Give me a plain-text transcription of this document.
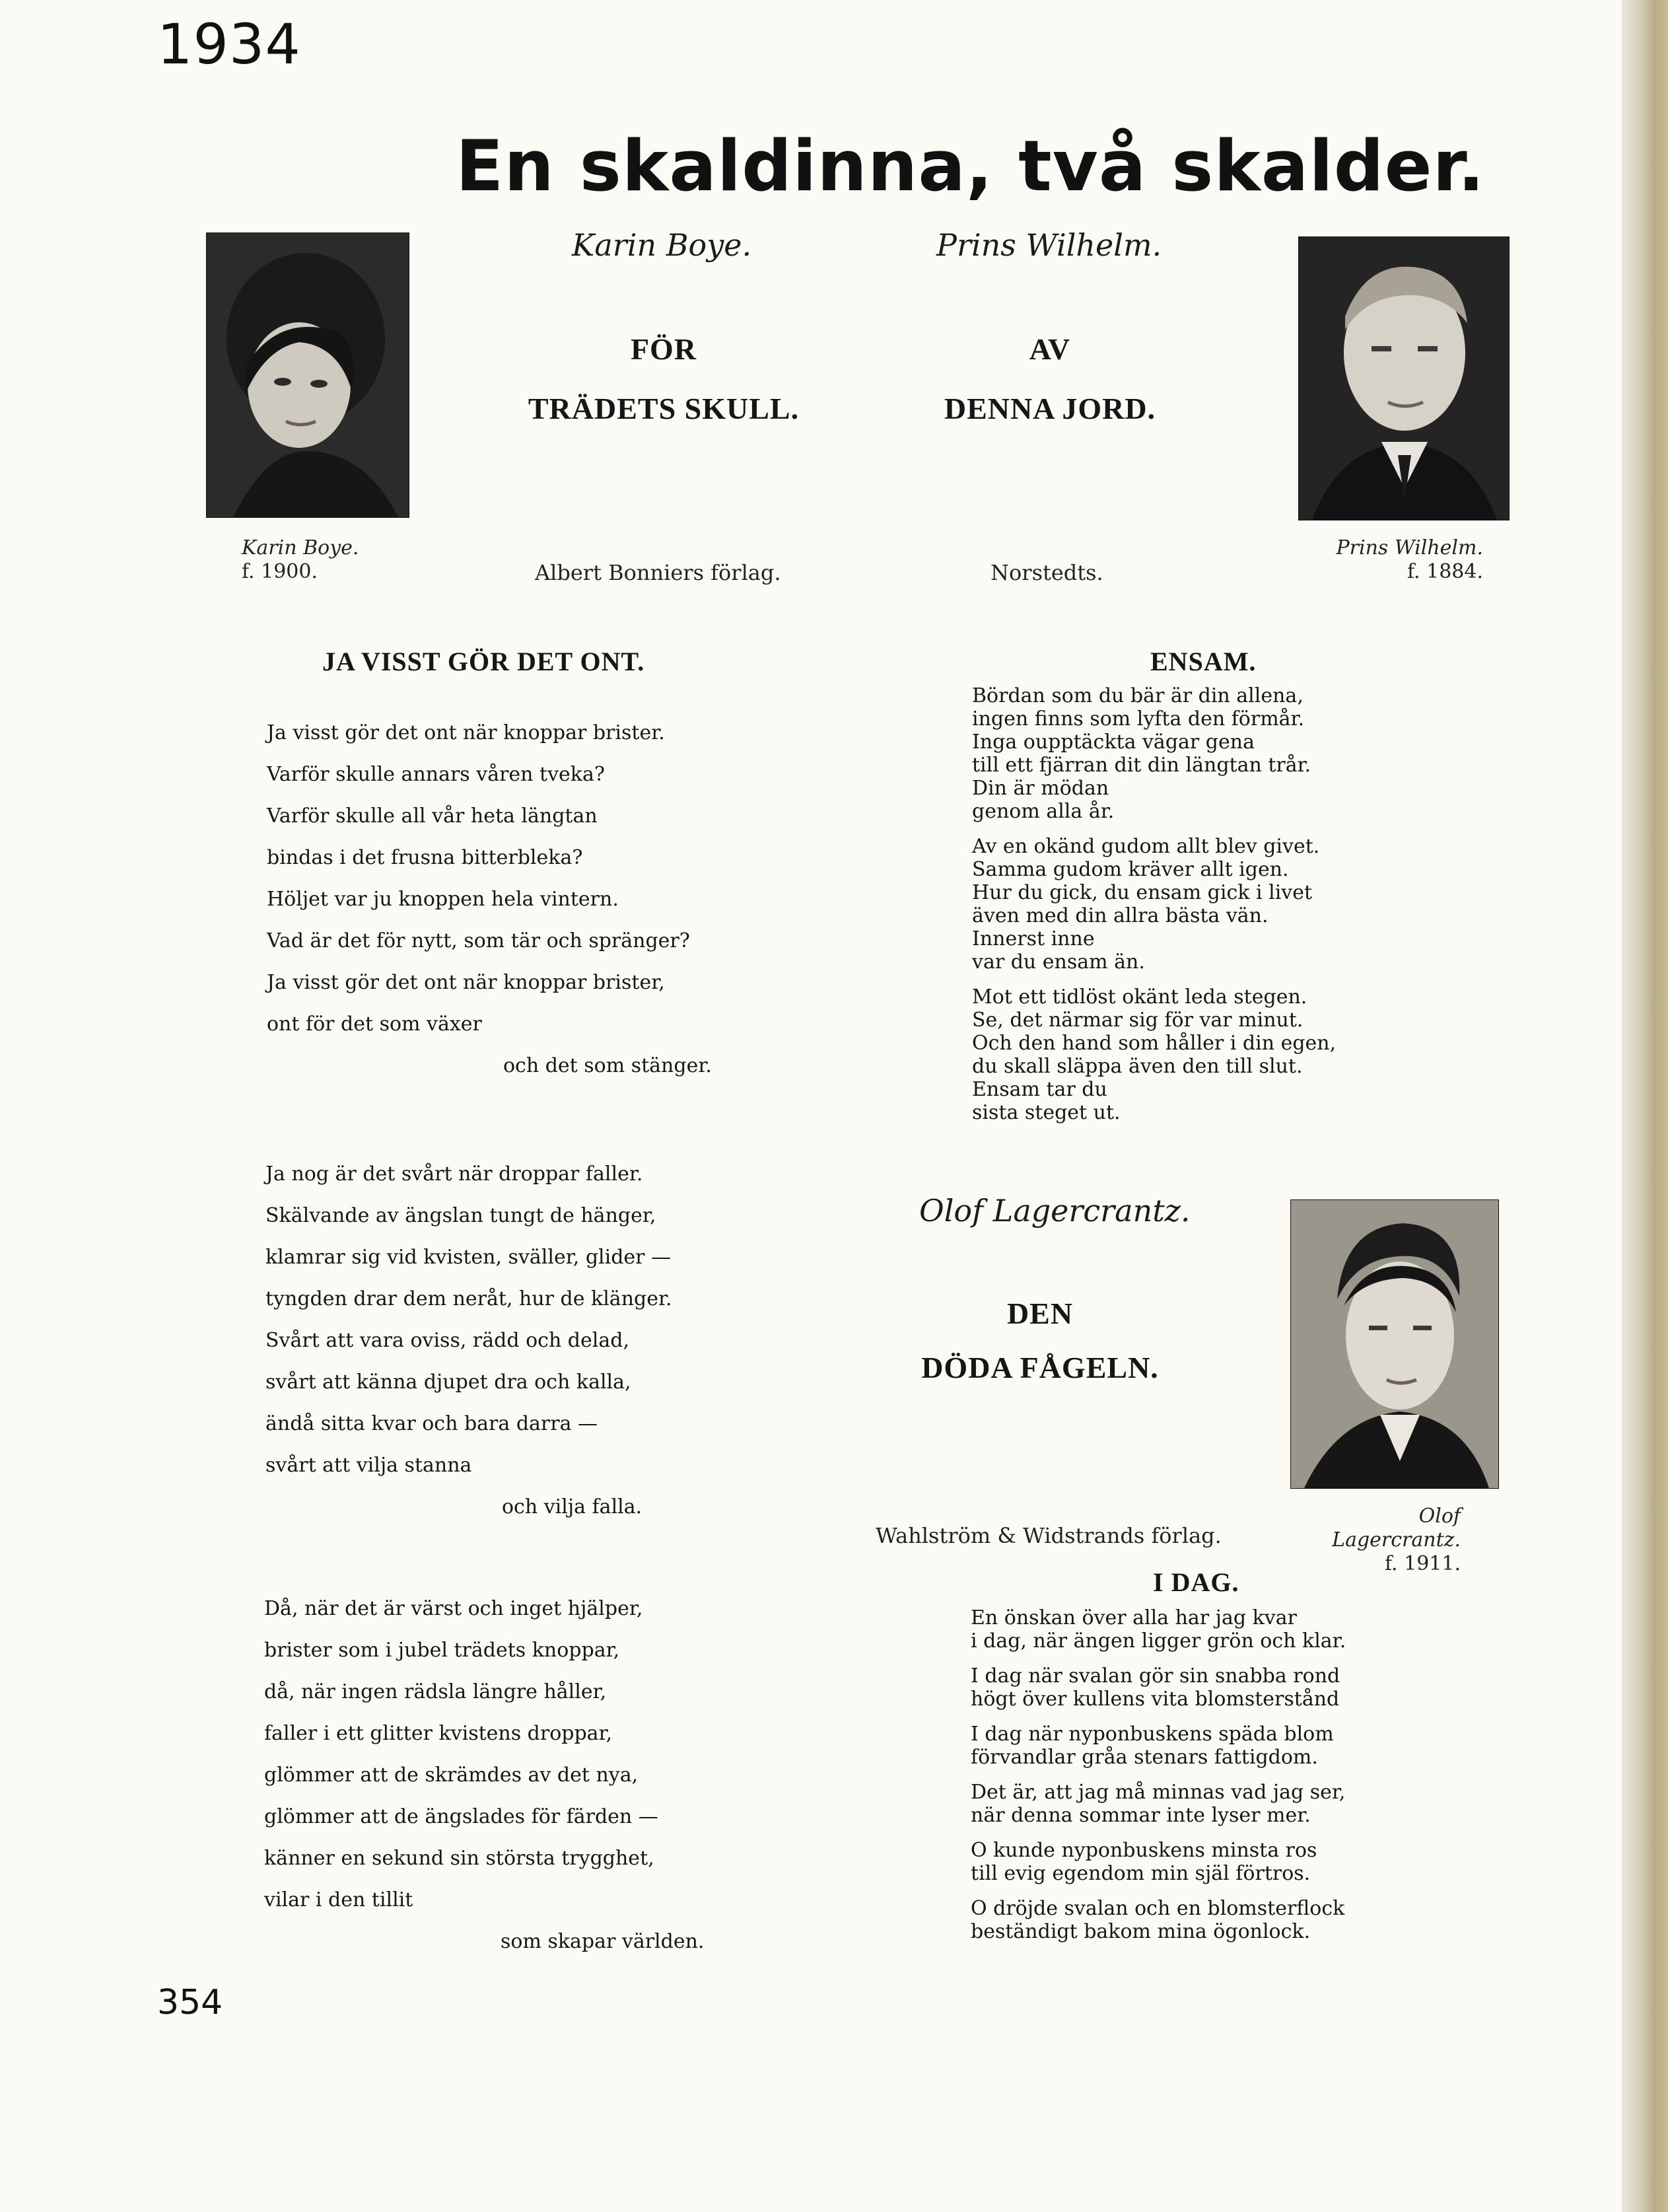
1934
En skaldinna, två skalder.
Karin Boye.	Prins Wilhelm.
FÖR
TRÄDETS SKULL.
AV
DENNA JORD.
Karin Boye.
f. 1900.
Prins Wilhelm.
f. 1884.
Albert Bonniers förlag.	Norstedts.
JA VISST GÖR DET ONT.
Ja visst gör det ont när knoppar brister.
Varför skulle annars våren tveka?
Varför skulle all vår heta längtan
bindas i det frusna bitterbleka?
Höljet var ju knoppen hela vintern.
Vad är det för nytt, som tär och spränger?
Ja visst gör det ont när knoppar brister,
ont för det som växer
och det som stänger.
Ja nog är det svårt när droppar faller.
Skälvande av ängslan tungt de hänger,
klamrar sig vid kvisten, sväller, glider —
tyngden drar dem neråt, hur de klänger.
Svårt att vara oviss, rädd och delad,
svårt att känna djupet dra och kalla,
ändå sitta kvar och bara darra —
svårt att vilja stanna
och vilja falla.
Då, när det är värst och inget hjälper,
brister som i jubel trädets knoppar,
då, när ingen rädsla längre håller,
faller i ett glitter kvistens droppar,
glömmer att de skrämdes av det nya,
glömmer att de ängslades för färden —
känner en sekund sin största trygghet,
vilar i den tillit
som skapar världen.
ENSAM.
Bördan som du bär är din allena,
ingen finns som lyfta den förmår.
Inga oupptäckta vägar gena
till ett fjärran dit din längtan trår.
Din är mödan
genom alla år.
Av en okänd gudom allt blev givet.
Samma gudom kräver allt igen.
Hur du gick, du ensam gick i livet
även med din allra bästa vän.
Innerst inne
var du ensam än.
Mot ett tidlöst okänt leda stegen.
Se, det närmar sig för var minut.
Och den hand som håller i din egen,
du skall släppa även den till slut.
Ensam tar du
sista steget ut.
Olof Lagercrantz.
DEN
DÖDA FÅGELN.
Olof Lagercrantz.
f. 1911.
Wahlström & Widstrands förlag.
I DAG.
En önskan över alla har jag kvar
i dag, när ängen ligger grön och klar.
I dag när svalan gör sin snabba rond
högt över kullens vita blomsterstånd
I dag när nyponbuskens späda blom
förvandlar gråa stenars fattigdom.
Det är, att jag må minnas vad jag ser,
när denna sommar inte lyser mer.
O kunde nyponbuskens minsta ros
till evig egendom min själ förtros.
O dröjde svalan och en blomsterflock
beständigt bakom mina ögonlock.
354
